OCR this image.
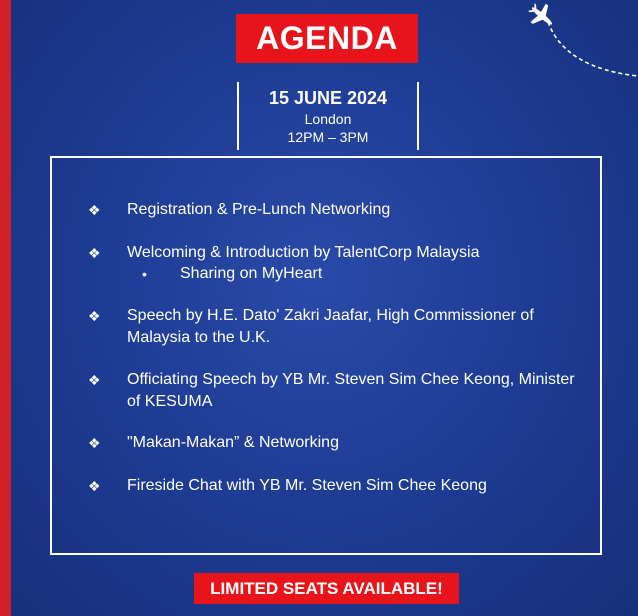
AGENDA
15 JUNE 2024
London
12PM – 3PM
❖	Registration & Pre-Lunch Networking
❖	Welcoming & Introduction by TalentCorp Malaysia
• Sharing on MyHeart
❖	Speech by H.E. Dato' Zakri Jaafar, High Commissioner of Malaysia to the U.K.
❖	Officiating Speech by YB Mr. Steven Sim Chee Keong, Minister of KESUMA
❖	"Makan-Makan” & Networking
❖	Fireside Chat with YB Mr. Steven Sim Chee Keong
LIMITED SEATS AVAILABLE!
